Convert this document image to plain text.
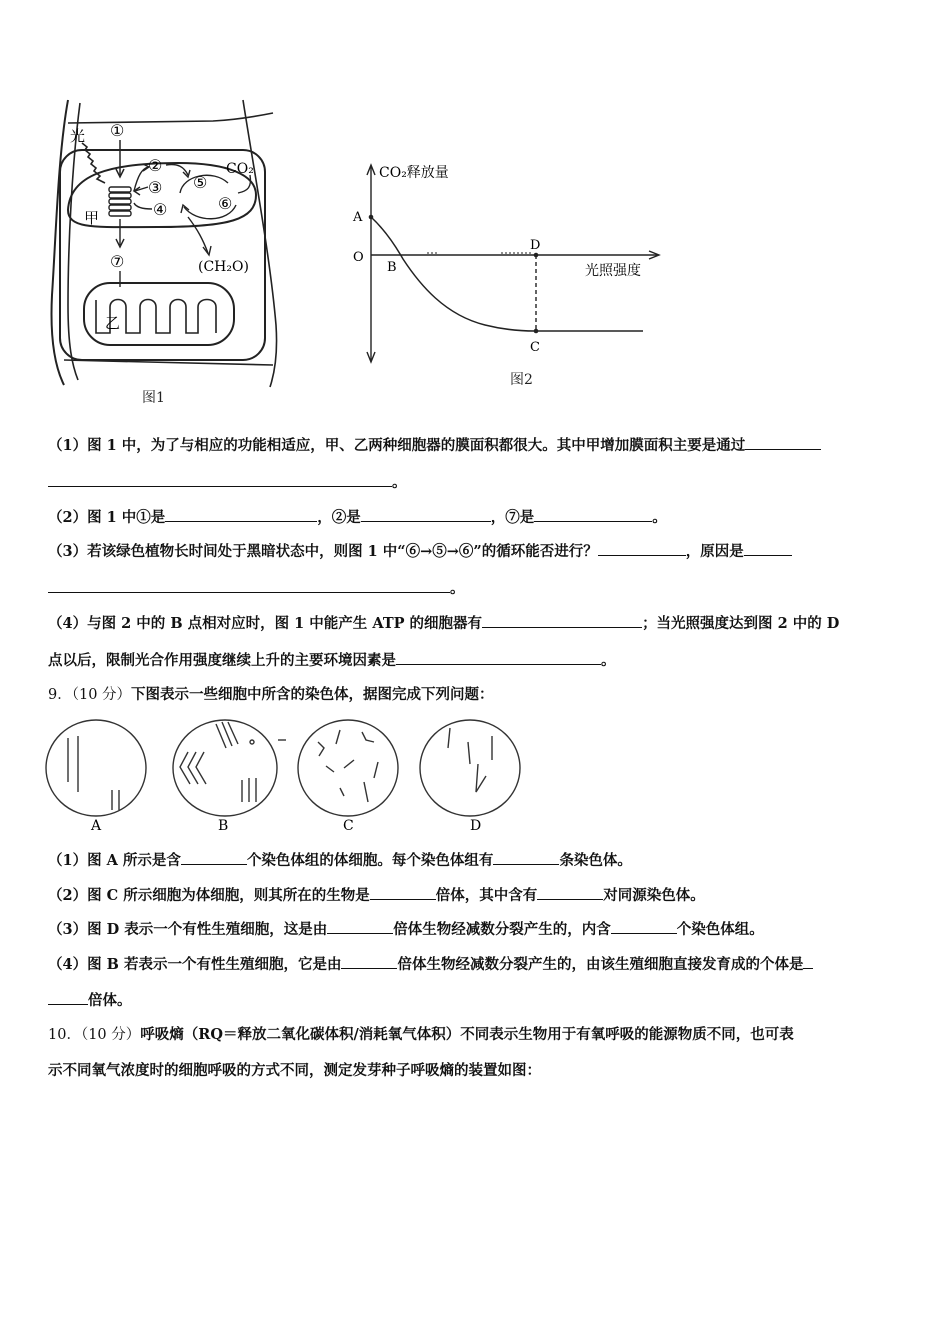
光 ①
②
③
④
⑤
⑥
CO₂
(CH₂O)
甲
⑦
乙
图1
CO₂释放量
光照强度
A
O
B
D
C
图2
（1）图 1 中，为了与相应的功能相适应，甲、乙两种细胞器的膜面积都很大。其中甲增加膜面积主要是通过
。
（2）图 1 中①是	，②是	，⑦是	。
（3）若该绿色植物长时间处于黑暗状态中，则图 1 中“⑥→⑤→⑥”的循环能否进行？	，原因是
。
（4）与图 2 中的 B 点相对应时，图 1 中能产生 ATP 的细胞器有	；当光照强度达到图 2 中的 D
点以后，限制光合作用强度继续上升的主要环境因素是	。
9．（10 分）下图表示一些细胞中所含的染色体，据图完成下列问题：
A	B	C	D
（1）图 A 所示是含	个染色体组的体细胞。每个染色体组有	条染色体。
（2）图 C 所示细胞为体细胞，则其所在的生物是	倍体，其中含有	对同源染色体。
（3）图 D 表示一个有性生殖细胞，这是由	倍体生物经减数分裂产生的，内含	个染色体组。
（4）图 B 若表示一个有性生殖细胞，它是由	倍体生物经减数分裂产生的，由该生殖细胞直接发育成的个体是
倍体。
10．（10 分）呼吸熵（RQ＝释放二氧化碳体积/消耗氧气体积）不同表示生物用于有氧呼吸的能源物质不同，也可表
示不同氧气浓度时的细胞呼吸的方式不同，测定发芽种子呼吸熵的装置如图：
